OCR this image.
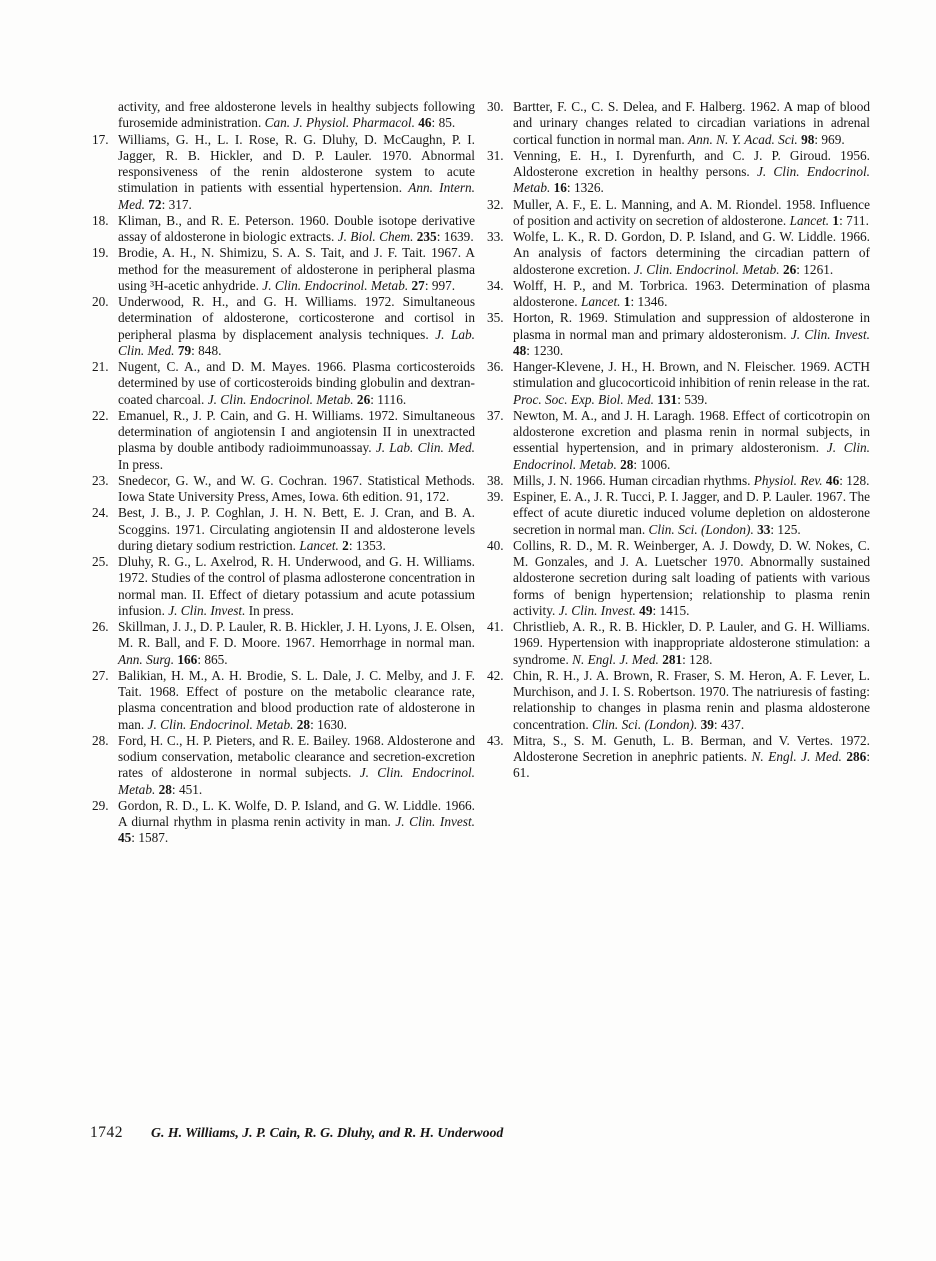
activity, and free aldosterone levels in healthy subjects following furosemide administration. Can. J. Physiol. Pharmacol. 46: 85.
17. Williams, G. H., L. I. Rose, R. G. Dluhy, D. McCaughn, P. I. Jagger, R. B. Hickler, and D. P. Lauler. 1970. Abnormal responsiveness of the renin aldosterone system to acute stimulation in patients with essential hypertension. Ann. Intern. Med. 72: 317.
18. Kliman, B., and R. E. Peterson. 1960. Double isotope derivative assay of aldosterone in biologic extracts. J. Biol. Chem. 235: 1639.
19. Brodie, A. H., N. Shimizu, S. A. S. Tait, and J. F. Tait. 1967. A method for the measurement of aldosterone in peripheral plasma using ³H-acetic anhydride. J. Clin. Endocrinol. Metab. 27: 997.
20. Underwood, R. H., and G. H. Williams. 1972. Simultaneous determination of aldosterone, corticosterone and cortisol in peripheral plasma by displacement analysis techniques. J. Lab. Clin. Med. 79: 848.
21. Nugent, C. A., and D. M. Mayes. 1966. Plasma corticosteroids determined by use of corticosteroids binding globulin and dextran-coated charcoal. J. Clin. Endocrinol. Metab. 26: 1116.
22. Emanuel, R., J. P. Cain, and G. H. Williams. 1972. Simultaneous determination of angiotensin I and angiotensin II in unextracted plasma by double antibody radioimmunoassay. J. Lab. Clin. Med. In press.
23. Snedecor, G. W., and W. G. Cochran. 1967. Statistical Methods. Iowa State University Press, Ames, Iowa. 6th edition. 91, 172.
24. Best, J. B., J. P. Coghlan, J. H. N. Bett, E. J. Cran, and B. A. Scoggins. 1971. Circulating angiotensin II and aldosterone levels during dietary sodium restriction. Lancet. 2: 1353.
25. Dluhy, R. G., L. Axelrod, R. H. Underwood, and G. H. Williams. 1972. Studies of the control of plasma adlosterone concentration in normal man. II. Effect of dietary potassium and acute potassium infusion. J. Clin. Invest. In press.
26. Skillman, J. J., D. P. Lauler, R. B. Hickler, J. H. Lyons, J. E. Olsen, M. R. Ball, and F. D. Moore. 1967. Hemorrhage in normal man. Ann. Surg. 166: 865.
27. Balikian, H. M., A. H. Brodie, S. L. Dale, J. C. Melby, and J. F. Tait. 1968. Effect of posture on the metabolic clearance rate, plasma concentration and blood production rate of aldosterone in man. J. Clin. Endocrinol. Metab. 28: 1630.
28. Ford, H. C., H. P. Pieters, and R. E. Bailey. 1968. Aldosterone and sodium conservation, metabolic clearance and secretion-excretion rates of aldosterone in normal subjects. J. Clin. Endocrinol. Metab. 28: 451.
29. Gordon, R. D., L. K. Wolfe, D. P. Island, and G. W. Liddle. 1966. A diurnal rhythm in plasma renin activity in man. J. Clin. Invest. 45: 1587.
30. Bartter, F. C., C. S. Delea, and F. Halberg. 1962. A map of blood and urinary changes related to circadian variations in adrenal cortical function in normal man. Ann. N. Y. Acad. Sci. 98: 969.
31. Venning, E. H., I. Dyrenfurth, and C. J. P. Giroud. 1956. Aldosterone excretion in healthy persons. J. Clin. Endocrinol. Metab. 16: 1326.
32. Muller, A. F., E. L. Manning, and A. M. Riondel. 1958. Influence of position and activity on secretion of aldosterone. Lancet. 1: 711.
33. Wolfe, L. K., R. D. Gordon, D. P. Island, and G. W. Liddle. 1966. An analysis of factors determining the circadian pattern of aldosterone excretion. J. Clin. Endocrinol. Metab. 26: 1261.
34. Wolff, H. P., and M. Torbrica. 1963. Determination of plasma aldosterone. Lancet. 1: 1346.
35. Horton, R. 1969. Stimulation and suppression of aldosterone in plasma in normal man and primary aldosteronism. J. Clin. Invest. 48: 1230.
36. Hanger-Klevene, J. H., H. Brown, and N. Fleischer. 1969. ACTH stimulation and glucocorticoid inhibition of renin release in the rat. Proc. Soc. Exp. Biol. Med. 131: 539.
37. Newton, M. A., and J. H. Laragh. 1968. Effect of corticotropin on aldosterone excretion and plasma renin in normal subjects, in essential hypertension, and in primary aldosteronism. J. Clin. Endocrinol. Metab. 28: 1006.
38. Mills, J. N. 1966. Human circadian rhythms. Physiol. Rev. 46: 128.
39. Espiner, E. A., J. R. Tucci, P. I. Jagger, and D. P. Lauler. 1967. The effect of acute diuretic induced volume depletion on aldosterone secretion in normal man. Clin. Sci. (London). 33: 125.
40. Collins, R. D., M. R. Weinberger, A. J. Dowdy, D. W. Nokes, C. M. Gonzales, and J. A. Luetscher 1970. Abnormally sustained aldosterone secretion during salt loading of patients with various forms of benign hypertension; relationship to plasma renin activity. J. Clin. Invest. 49: 1415.
41. Christlieb, A. R., R. B. Hickler, D. P. Lauler, and G. H. Williams. 1969. Hypertension with inappropriate aldosterone stimulation: a syndrome. N. Engl. J. Med. 281: 128.
42. Chin, R. H., J. A. Brown, R. Fraser, S. M. Heron, A. F. Lever, L. Murchison, and J. I. S. Robertson. 1970. The natriuresis of fasting: relationship to changes in plasma renin and plasma aldosterone concentration. Clin. Sci. (London). 39: 437.
43. Mitra, S., S. M. Genuth, L. B. Berman, and V. Vertes. 1972. Aldosterone Secretion in anephric patients. N. Engl. J. Med. 286: 61.
1742 G. H. Williams, J. P. Cain, R. G. Dluhy, and R. H. Underwood
